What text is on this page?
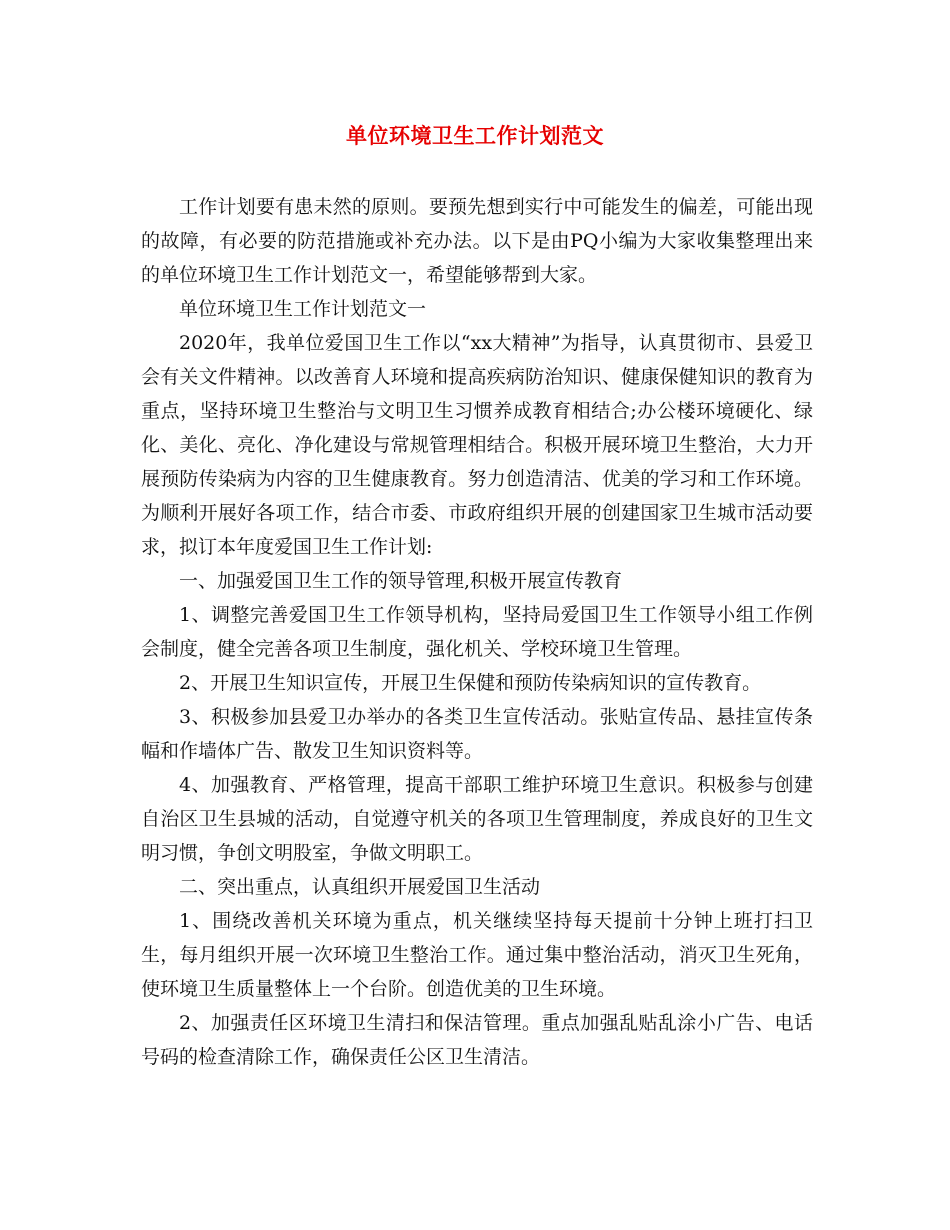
单位环境卫生工作计划范文

工作计划要有患未然的原则。要预先想到实行中可能发生的偏差，可能出现的故障，有必要的防范措施或补充办法。以下是由PQ小编为大家收集整理出来的单位环境卫生工作计划范文一，希望能够帮到大家。

单位环境卫生工作计划范文一

2020年，我单位爱国卫生工作以“xx大精神”为指导，认真贯彻市、县爱卫会有关文件精神。以改善育人环境和提高疾病防治知识、健康保健知识的教育为重点，坚持环境卫生整治与文明卫生习惯养成教育相结合;办公楼环境硬化、绿化、美化、亮化、净化建设与常规管理相结合。积极开展环境卫生整治，大力开展预防传染病为内容的卫生健康教育。努力创造清洁、优美的学习和工作环境。为顺利开展好各项工作，结合市委、市政府组织开展的创建国家卫生城市活动要求，拟订本年度爱国卫生工作计划:

一、加强爱国卫生工作的领导管理,积极开展宣传教育

1、调整完善爱国卫生工作领导机构，坚持局爱国卫生工作领导小组工作例会制度，健全完善各项卫生制度，强化机关、学校环境卫生管理。

2、开展卫生知识宣传，开展卫生保健和预防传染病知识的宣传教育。

3、积极参加县爱卫办举办的各类卫生宣传活动。张贴宣传品、悬挂宣传条幅和作墙体广告、散发卫生知识资料等。

4、加强教育、严格管理，提高干部职工维护环境卫生意识。积极参与创建自治区卫生县城的活动，自觉遵守机关的各项卫生管理制度，养成良好的卫生文明习惯，争创文明股室，争做文明职工。

二、突出重点，认真组织开展爱国卫生活动

1、围绕改善机关环境为重点，机关继续坚持每天提前十分钟上班打扫卫生，每月组织开展一次环境卫生整治工作。通过集中整治活动，消灭卫生死角，使环境卫生质量整体上一个台阶。创造优美的卫生环境。

2、加强责任区环境卫生清扫和保洁管理。重点加强乱贴乱涂小广告、电话号码的检查清除工作，确保责任公区卫生清洁。
